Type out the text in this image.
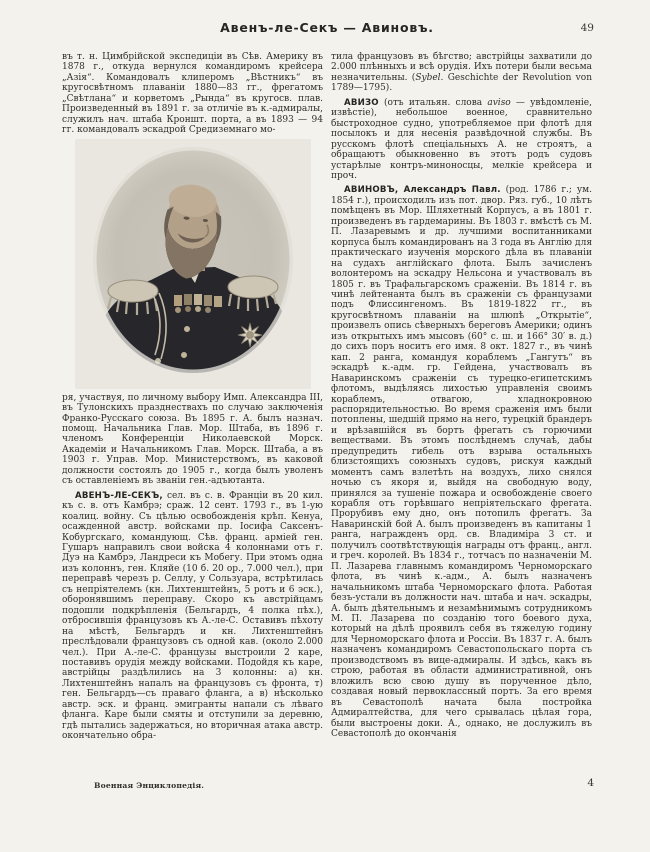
Авенъ-ле-Секъ — Авиновъ.	49

въ т. н. Цимбрійской экспедиціи въ Сѣв. Америку въ 1878 г., откуда вернулся командиромъ крейсера „Азія“. Командовалъ клиперомъ „Вѣстникъ“ въ кругосвѣтномъ плаваніи 1880—83 гг., фрегатомъ „Свѣтлана“ и корветомъ „Рында“ въ кругосв. плав. Произведенный въ 1891 г. за отличіе въ к.-адмиралы, служилъ нач. штаба Кроншт. порта, а въ 1893 — 94 гг. командовалъ эскадрой Средиземнаго мо-

ря, участвуя, по личному выбору Имп. Александра III, въ Тулонскихъ празднествахъ по случаю заключенія Франко-Русскаго союза. Въ 1895 г. А. былъ назнач. помощ. Начальника Глав. Мор. Штаба, въ 1896 г. членомъ Конференціи Николаевской Морск. Академіи и Начальникомъ Глав. Морск. Штаба, а въ 1903 г. Управ. Мор. Министерствомъ, въ каковой должности состоялъ до 1905 г., когда былъ уволенъ съ оставленіемъ въ званіи ген.-адъютанта.

АВЕНЪ-ЛЕ-СЕКЪ, сел. въ с. в. Франціи въ 20 кил. къ с. в. отъ Камбрэ; сраж. 12 сент. 1793 г., въ 1-ую коалиц. войну. Съ цѣлью освобожденія крѣп. Кенуа, осажденной австр. войсками пр. Іосифа Саксенъ-Кобургскаго, командующ. Сѣв. франц. арміей ген. Гушаръ направилъ свои войска 4 колоннами отъ г. Дуэ на Камбрэ, Ландреси къ Мобегу. При этомъ одна изъ колоннъ, ген. Кляйе (10 б. 20 ор., 7.000 чел.), при переправѣ черезъ р. Селлу, у Сользуара, встрѣтилась съ непріятелемъ (кн. Лихтенштейнъ, 5 ротъ и 6 эск.), оборонявшимъ переправу. Скоро къ австрійцамъ подошли подкрѣпленія (Бельгардъ, 4 полка пѣх.), отбросившія французовъ къ А.-ле-С. Оставивъ пѣхоту на мѣстѣ, Бельгардъ и кн. Лихтенштейнъ преслѣдовали французовъ съ одной кав. (около 2.000 чел.). При А.-ле-С. французы выстроили 2 каре, поставивъ орудія между войсками. Подойдя къ каре, австрійцы раздѣлились на 3 колонны: а) кн. Лихтенштейнъ напалъ на французовъ съ фронта, т) ген. Бельгардъ—съ праваго фланга, а в) нѣсколько австр. эск. и франц. эмигранты напали съ лѣваго фланга. Каре были смяты и отступили за деревню, гдѣ пытались задержаться, но вторичная атака австр. окончательно обра-

тила французовъ въ бѣгство; австрійцы захватили до 2.000 плѣнныхъ и всѣ орудія. Ихъ потери были весьма незначительны. (Sybel. Geschichte der Revolution von 1789—1795).

АВИЗО (отъ итальян. слова aviso — увѣдомленіе, извѣстіе), небольшое военное, сравнительно быстроходное судно, употребляемое при флотѣ для посылокъ и для несенія развѣдочной службы. Въ русскомъ флотѣ спеціальныхъ А. не строятъ, а обращаютъ обыкновенно въ этотъ родъ судовъ устарѣлые контръ-миноносцы, мелкіе крейсера и проч.

АВИНОВЪ, Александръ Павл. (род. 1786 г.; ум. 1854 г.), происходилъ изъ пот. двор. Ряз. губ., 10 лѣтъ помѣщенъ въ Мор. Шляхетный Корпусъ, а въ 1801 г. произведенъ въ гардемарины. Въ 1803 г. вмѣстѣ съ М. П. Лазаревымъ и др. лучшими воспитанниками корпуса былъ командированъ на 3 года въ Англію для практическаго изученія морского дѣла въ плаваніи на судахъ англійскаго флота. Былъ зачисленъ волонтеромъ на эскадру Нельсона и участвовалъ въ 1805 г. въ Трафальгарскомъ сраженіи. Въ 1814 г. въ чинѣ лейтенанта былъ въ сраженіи съ французами подъ Флиссингеномъ. Въ 1819-1822 гг., въ кругосвѣтномъ плаваніи на шлюпѣ „Открытіе“, произвелъ опись сѣверныхъ береговъ Америки; одинъ изъ открытыхъ имъ мысовъ (60° с. ш. и 166° 30′ в. д.) до сихъ поръ носитъ его имя. 8 окт. 1827 г., въ чинѣ кап. 2 ранга, командуя кораблемъ „Гангутъ“ въ эскадрѣ к.-адм. гр. Гейдена, участвовалъ въ Наваринскомъ сраженіи съ турецко-египетскимъ флотомъ, выдѣляясь лихостью управленія своимъ кораблемъ, отвагою, хладнокровною распорядительностью. Во время сраженія имъ были потоплены, шедшій прямо на него, турецкій брандеръ и врѣзавшійся въ бортъ фрегатъ съ горючими веществами. Въ этомъ послѣднемъ случаѣ, дабы предупредить гибель отъ взрыва остальныхъ близстоящихъ союзныхъ судовъ, рискуя каждый моментъ самъ взлетѣть на воздухъ, лихо снялся ночью съ якоря и, выйдя на свободную воду, принялся за тушеніе пожара и освобожденіе своего корабля отъ горѣвшаго непріятельскаго фрегата. Прорубивъ ему дно, онъ потопилъ фрегатъ. За Наваринскій бой А. былъ произведенъ въ капитаны 1 ранга, награжденъ орд. св. Владиміра 3 ст. и получилъ соотвѣтствующія награды отъ франц., англ. и греч. королей. Въ 1834 г., тотчасъ по назначеніи М. П. Лазарева главнымъ командиромъ Черноморскаго флота, въ чинѣ к.-адм., А. былъ назначенъ начальникомъ штаба Черноморскаго флота. Работая безъ-устали въ должности нач. штаба и нач. эскадры, А. былъ дѣятельнымъ и незамѣнимымъ сотрудникомъ М. П. Лазарева по созданію того боевого духа, который на дѣлѣ проявилъ себя въ тяжелую годину для Черноморскаго флота и Россіи. Въ 1837 г. А. былъ назначенъ командиромъ Севастопольскаго порта съ производствомъ въ вице-адмиралы. И здѣсь, какъ въ строю, работая въ области административной, онъ вложилъ всю свою душу въ порученное дѣло, создавая новый первоклассный портъ. За его время въ Севастополѣ начата была постройка Адмиралтейства, для чего срывалась цѣлая гора, были выстроены доки. А., однако, не дослужилъ въ Севастополѣ до окончанія

Военная Энциклопедія.	4
